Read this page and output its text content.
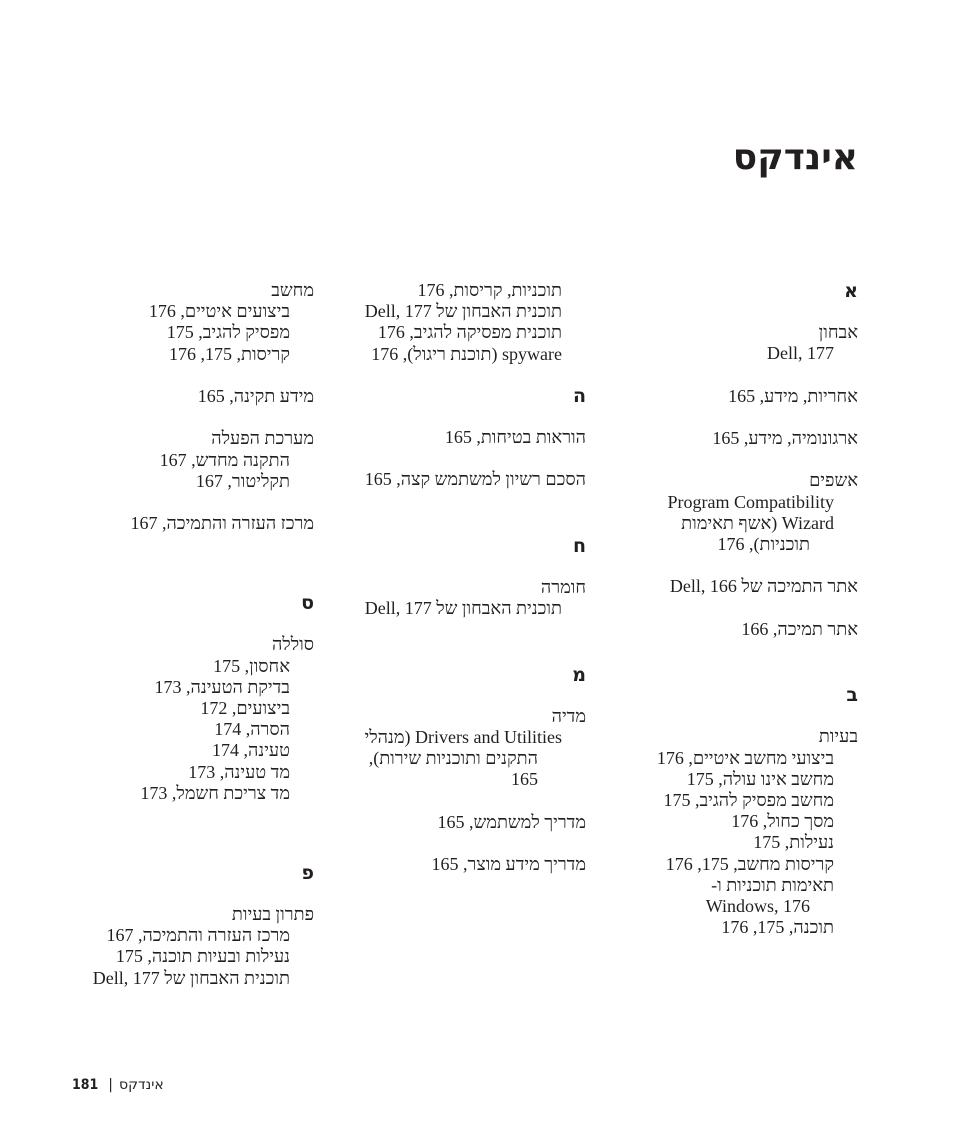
אינדקס
א
אבחון
177 ,Dell
אחריות, מידע, 165
ארגונומיה, מידע, 165
אשפים
Program Compatibility
Wizard (אשף תאימות
תוכניות), 176
אתר התמיכה של Dell, 166
אתר תמיכה, 166
ב
בעיות
ביצועי מחשב איטיים, 176
מחשב אינו עולה, 175
מחשב מפסיק להגיב, 175
מסך כחול, 176
נעילות, 175
קריסות מחשב, 175, 176
תאימות תוכניות ו-
176 ,Windows
תוכנה, 175, 176
תוכניות, קריסות, 176
תוכנית האבחון של Dell, 177
תוכנית מפסיקה להגיב, 176
spyware (תוכנת ריגול), 176
ה
הוראות בטיחות, 165
הסכם רשיון למשתמש קצה, 165
ח
חומרה
תוכנית האבחון של Dell, 177
מ
מדיה
Drivers and Utilities (מנהלי
התקנים ותוכניות שירות),
165
מדריך למשתמש, 165
מדריך מידע מוצר, 165
מחשב
ביצועים איטיים, 176
מפסיק להגיב, 175
קריסות, 175, 176
מידע תקינה, 165
מערכת הפעלה
התקנה מחדש, 167
תקליטור, 167
מרכז העזרה והתמיכה, 167
ס
סוללה
אחסון, 175
בדיקת הטעינה, 173
ביצועים, 172
הסרה, 174
טעינה, 174
מד טעינה, 173
מד צריכת חשמל, 173
פ
פתרון בעיות
מרכז העזרה והתמיכה, 167
נעילות ובעיות תוכנה, 175
תוכנית האבחון של Dell, 177
181 | אינדקס
